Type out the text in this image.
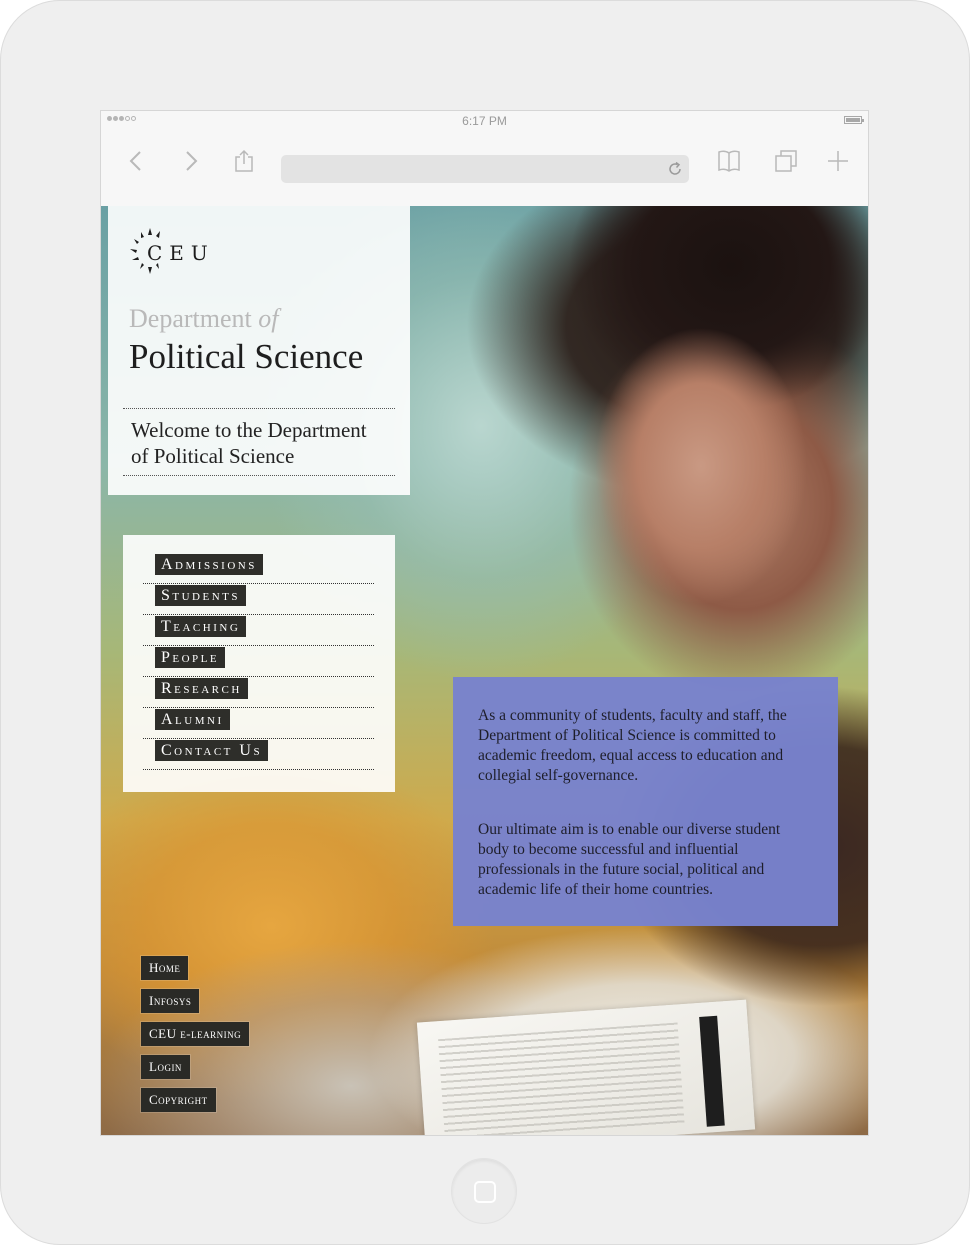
6:17 PM
CEU
Department of
Political Science
Welcome to the Department of Political Science
Admissions
Students
Teaching
People
Research
Alumni
Contact Us

As a community of students, faculty and staff, the Department of Political Science is committed to academic freedom, equal access to education and collegial self-governance.

Our ultimate aim is to enable our diverse student body to become successful and influential professionals in the future social, political and academic life of their home countries.

Home
Infosys
CEU e-learning
Login
Copyright
